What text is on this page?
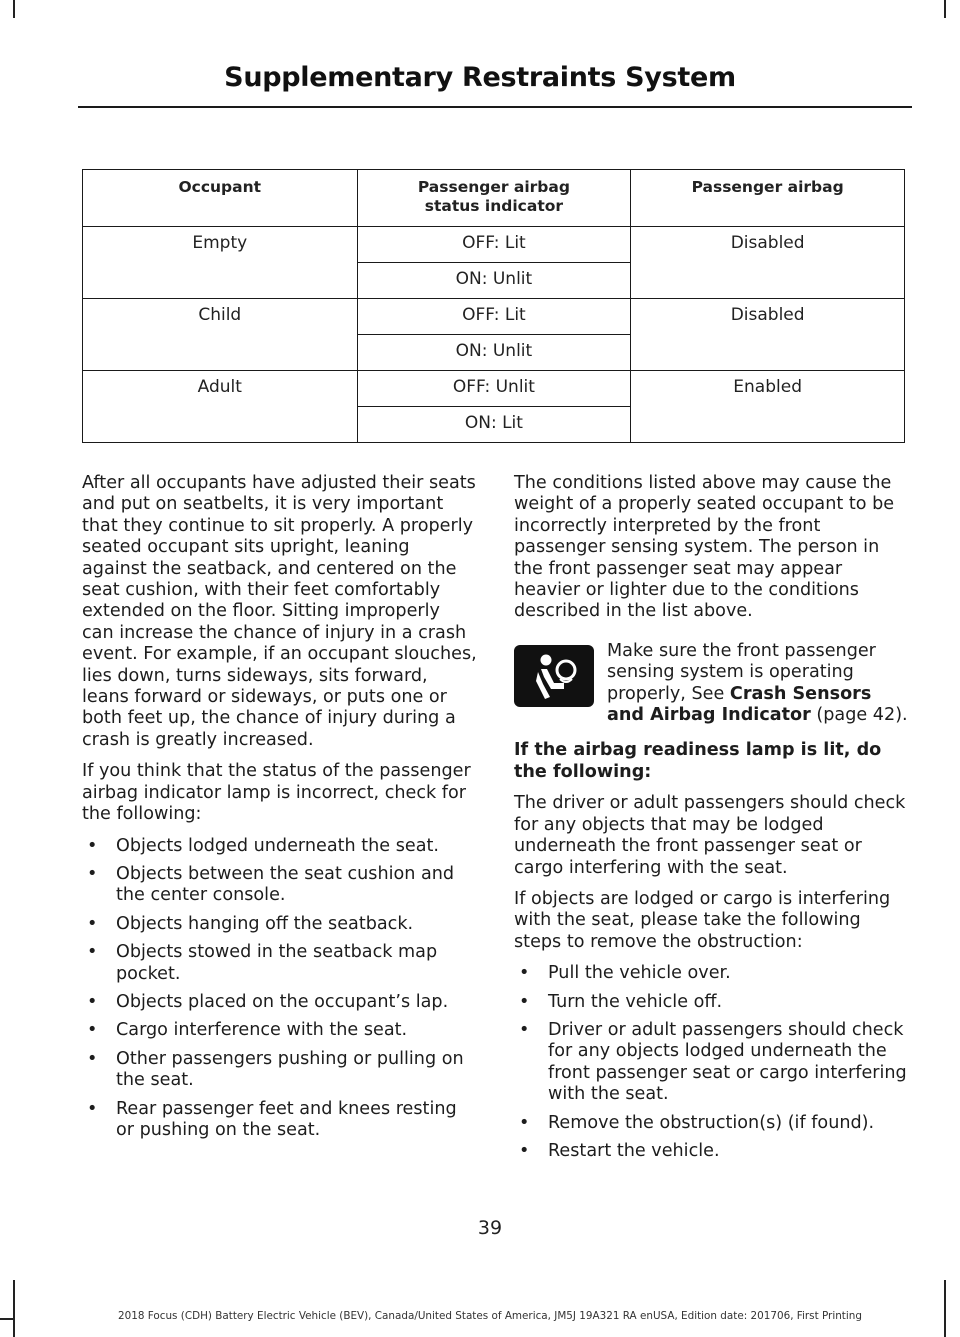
Supplementary Restraints System
Occupant	Passenger airbag status indicator	Passenger airbag
Empty	OFF: Lit	Disabled
	ON: Unlit	
Child	OFF: Lit	Disabled
	ON: Unlit	
Adult	OFF: Unlit	Enabled
	ON: Lit	

After all occupants have adjusted their seats and put on seatbelts, it is very important that they continue to sit properly. A properly seated occupant sits upright, leaning against the seatback, and centered on the seat cushion, with their feet comfortably extended on the floor. Sitting improperly can increase the chance of injury in a crash event. For example, if an occupant slouches, lies down, turns sideways, sits forward, leans forward or sideways, or puts one or both feet up, the chance of injury during a crash is greatly increased.

If you think that the status of the passenger airbag indicator lamp is incorrect, check for the following:

• Objects lodged underneath the seat.
• Objects between the seat cushion and the center console.
• Objects hanging off the seatback.
• Objects stowed in the seatback map pocket.
• Objects placed on the occupant’s lap.
• Cargo interference with the seat.
• Other passengers pushing or pulling on the seat.
• Rear passenger feet and knees resting or pushing on the seat.

The conditions listed above may cause the weight of a properly seated occupant to be incorrectly interpreted by the front passenger sensing system. The person in the front passenger seat may appear heavier or lighter due to the conditions described in the list above.

Make sure the front passenger sensing system is operating properly, See Crash Sensors and Airbag Indicator (page 42).

If the airbag readiness lamp is lit, do the following:

The driver or adult passengers should check for any objects that may be lodged underneath the front passenger seat or cargo interfering with the seat.

If objects are lodged or cargo is interfering with the seat, please take the following steps to remove the obstruction:

• Pull the vehicle over.
• Turn the vehicle off.
• Driver or adult passengers should check for any objects lodged underneath the front passenger seat or cargo interfering with the seat.
• Remove the obstruction(s) (if found).
• Restart the vehicle.
39
2018 Focus (CDH) Battery Electric Vehicle (BEV), Canada/United States of America, JM5J 19A321 RA enUSA, Edition date: 201706, First Printing
